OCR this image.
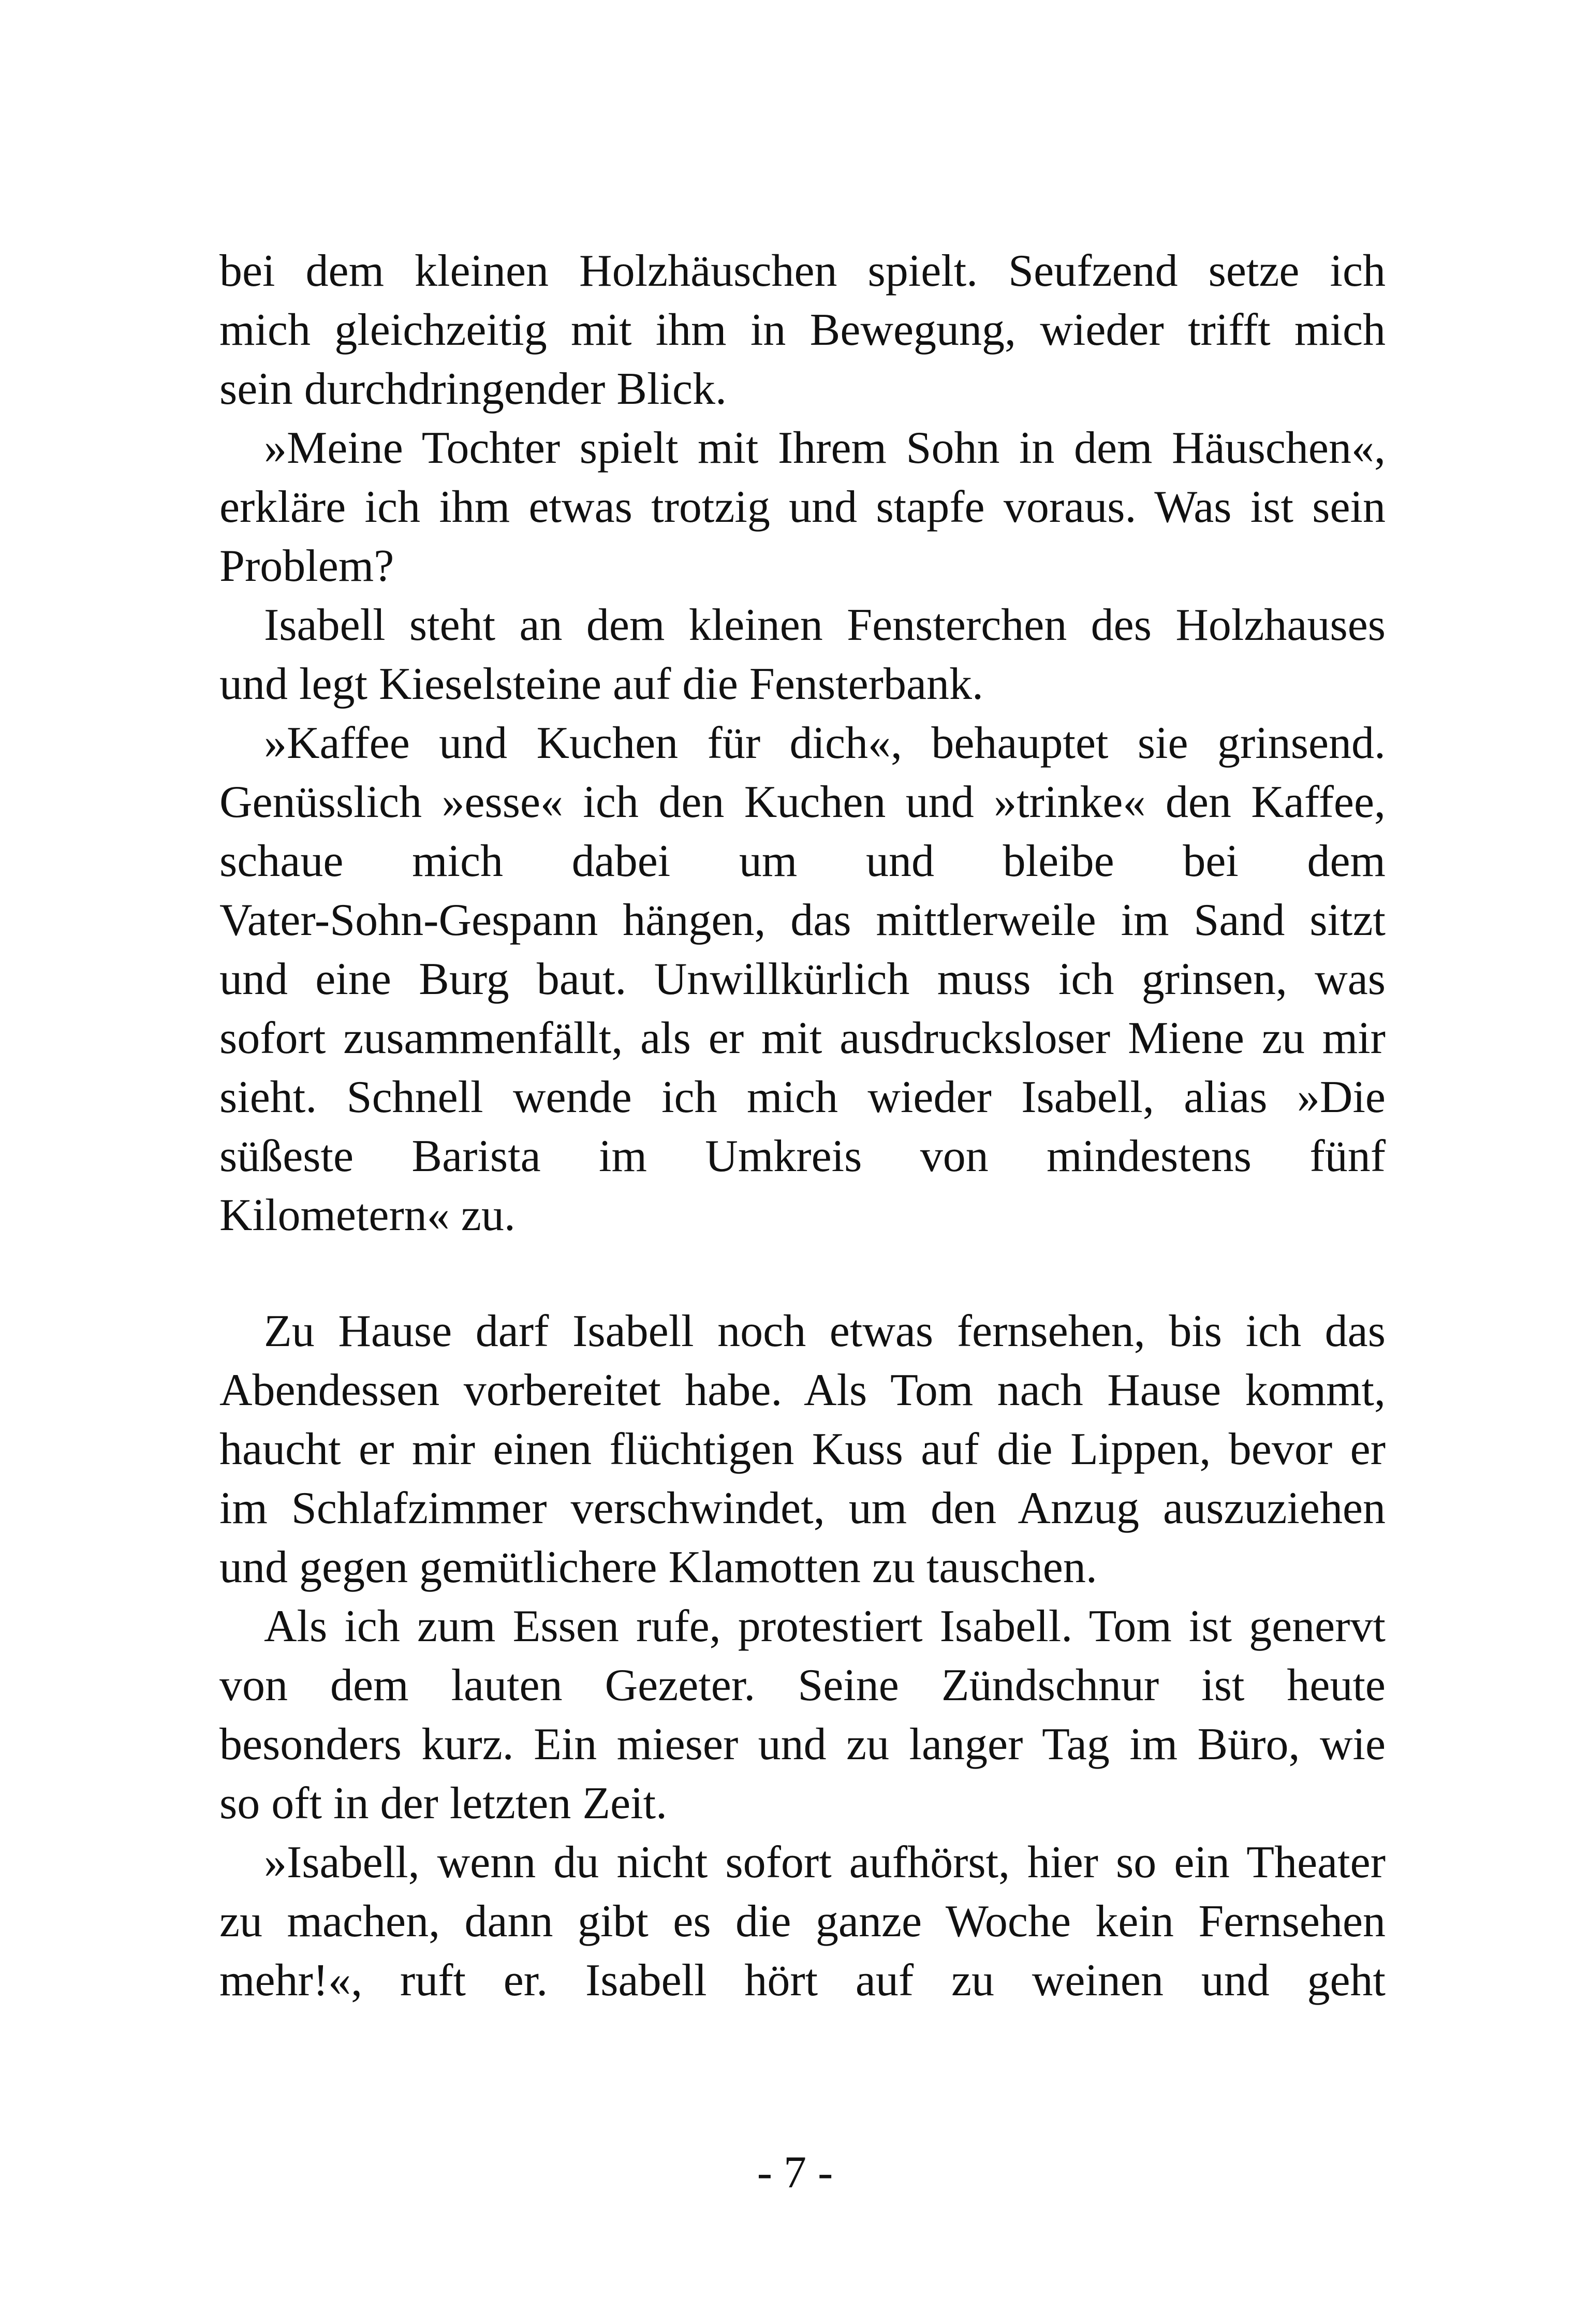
bei dem kleinen Holzhäuschen spielt. Seufzend setze ich
mich gleichzeitig mit ihm in Bewegung, wieder trifft mich
sein durchdringender Blick.
»Meine Tochter spielt mit Ihrem Sohn in dem Häuschen«,
erkläre ich ihm etwas trotzig und stapfe voraus. Was ist sein
Problem?
Isabell steht an dem kleinen Fensterchen des Holzhauses
und legt Kieselsteine auf die Fensterbank.
»Kaffee und Kuchen für dich«, behauptet sie grinsend.
Genüsslich »esse« ich den Kuchen und »trinke« den Kaffee,
schaue mich dabei um und bleibe bei dem
Vater-Sohn-Gespann hängen, das mittlerweile im Sand sitzt
und eine Burg baut. Unwillkürlich muss ich grinsen, was
sofort zusammenfällt, als er mit ausdrucksloser Miene zu mir
sieht. Schnell wende ich mich wieder Isabell, alias »Die
süßeste Barista im Umkreis von mindestens fünf
Kilometern« zu.
Zu Hause darf Isabell noch etwas fernsehen, bis ich das
Abendessen vorbereitet habe. Als Tom nach Hause kommt,
haucht er mir einen flüchtigen Kuss auf die Lippen, bevor er
im Schlafzimmer verschwindet, um den Anzug auszuziehen
und gegen gemütlichere Klamotten zu tauschen.
Als ich zum Essen rufe, protestiert Isabell. Tom ist genervt
von dem lauten Gezeter. Seine Zündschnur ist heute
besonders kurz. Ein mieser und zu langer Tag im Büro, wie
so oft in der letzten Zeit.
»Isabell, wenn du nicht sofort aufhörst, hier so ein Theater
zu machen, dann gibt es die ganze Woche kein Fernsehen
mehr!«, ruft er. Isabell hört auf zu weinen und geht
- 7 -
